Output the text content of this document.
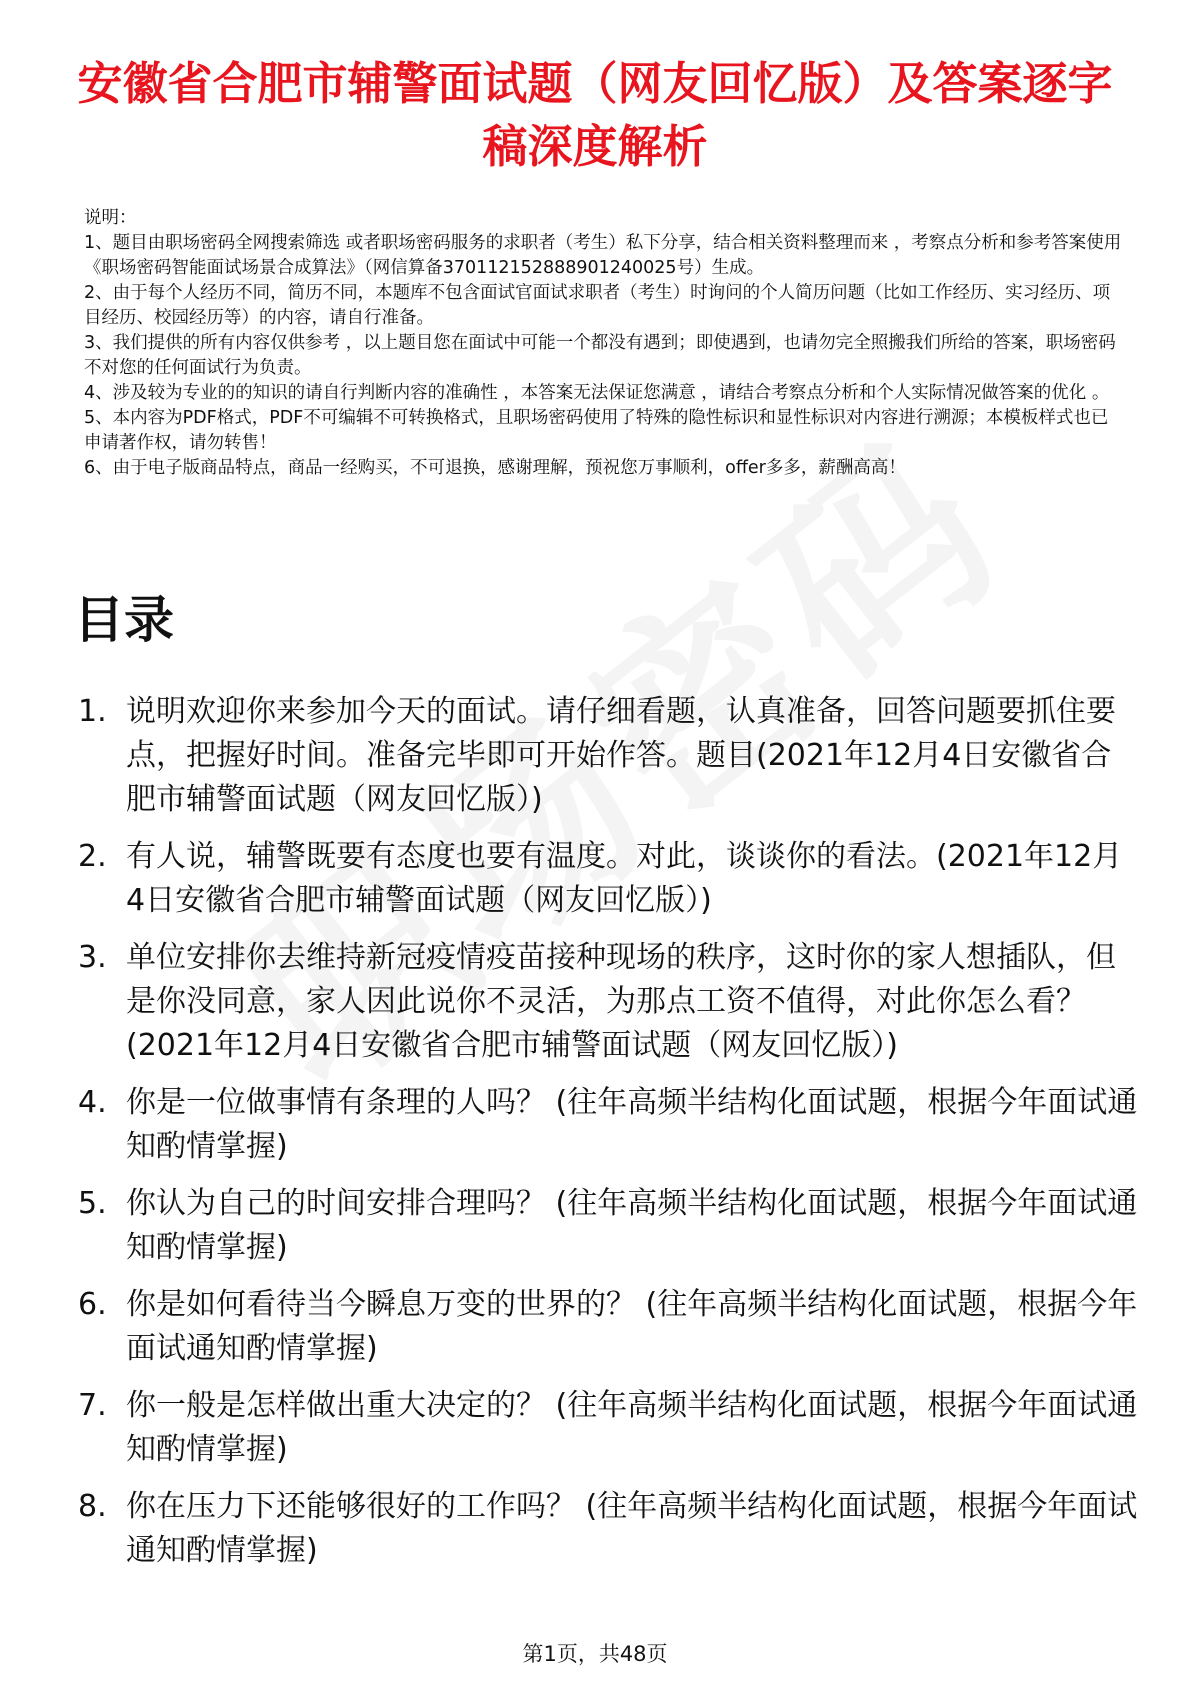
安徽省合肥市辅警面试题（网友回忆版）及答案逐字稿深度解析
说明：
1、题目由职场密码全网搜索筛选 或者职场密码服务的求职者（考生）私下分享，结合相关资料整理而来 ，考察点分析和参考答案使用《职场密码智能面试场景合成算法》（网信算备370112152888901240025号）生成。
2、由于每个人经历不同，简历不同，本题库不包含面试官面试求职者（考生）时询问的个人简历问题（比如工作经历、实习经历、项目经历、校园经历等）的内容，请自行准备。
3、我们提供的所有内容仅供参考 ，以上题目您在面试中可能一个都没有遇到；即使遇到，也请勿完全照搬我们所给的答案，职场密码不对您的任何面试行为负责。
4、涉及较为专业的的知识的请自行判断内容的准确性 ，本答案无法保证您满意 ，请结合考察点分析和个人实际情况做答案的优化 。
5、本内容为PDF格式，PDF不可编辑不可转换格式，且职场密码使用了特殊的隐性标识和显性标识对内容进行溯源；本模板样式也已申请著作权，请勿转售！
6、由于电子版商品特点，商品一经购买，不可退换，感谢理解，预祝您万事顺利，offer多多，薪酬高高！
目录
1. 说明欢迎你来参加今天的面试。请仔细看题，认真准备，回答问题要抓住要点，把握好时间。准备完毕即可开始作答。题目(2021年12月4日安徽省合肥市辅警面试题（网友回忆版）)
2. 有人说，辅警既要有态度也要有温度。对此，谈谈你的看法。(2021年12月4日安徽省合肥市辅警面试题（网友回忆版）)
3. 单位安排你去维持新冠疫情疫苗接种现场的秩序，这时你的家人想插队，但是你没同意，家人因此说你不灵活，为那点工资不值得，对此你怎么看？(2021年12月4日安徽省合肥市辅警面试题（网友回忆版）)
4. 你是一位做事情有条理的人吗？ (往年高频半结构化面试题，根据今年面试通知酌情掌握)
5. 你认为自己的时间安排合理吗？ (往年高频半结构化面试题，根据今年面试通知酌情掌握)
6. 你是如何看待当今瞬息万变的世界的？ (往年高频半结构化面试题，根据今年面试通知酌情掌握)
7. 你一般是怎样做出重大决定的？ (往年高频半结构化面试题，根据今年面试通知酌情掌握)
8. 你在压力下还能够很好的工作吗？ (往年高频半结构化面试题，根据今年面试通知酌情掌握)
第1页，共48页
